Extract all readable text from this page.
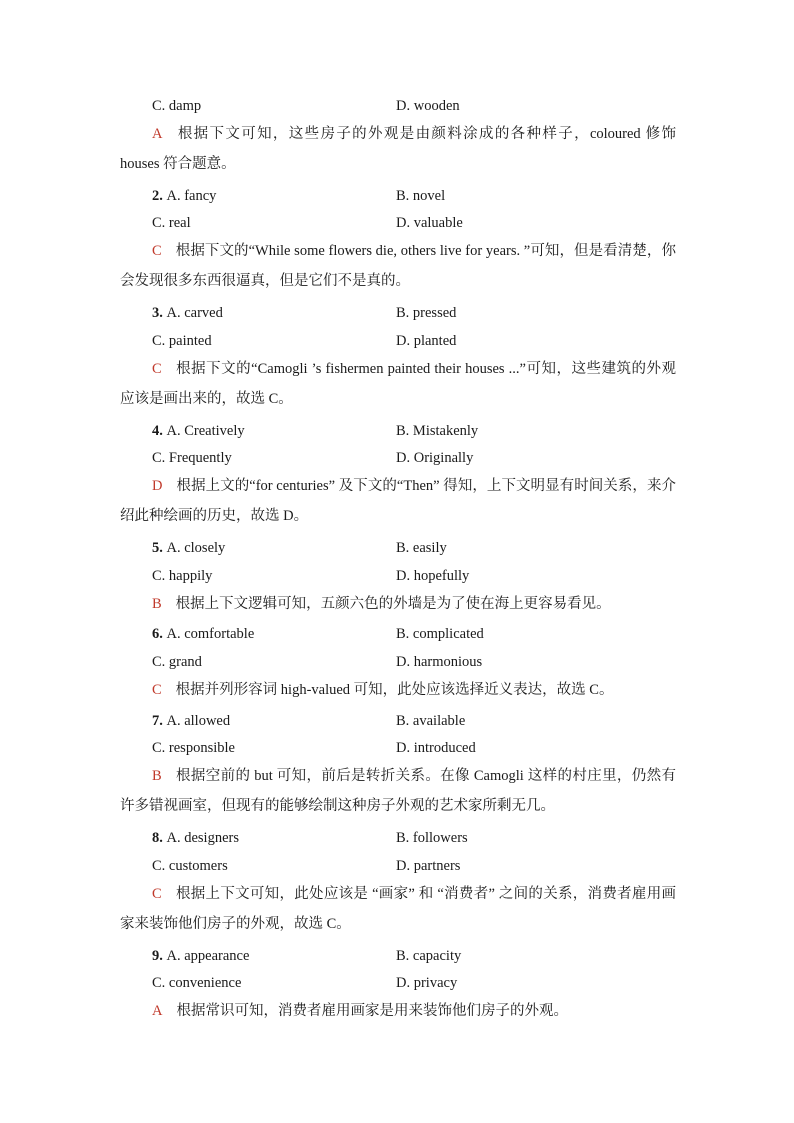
C. damp	D. wooden
A 根据下文可知，这些房子的外观是由颜料涂成的各种样子，coloured 修饰 houses 符合题意。
2. A. fancy	B. novel
C. real	D. valuable
C 根据下文的“While some flowers die, others live for years. ”可知，但是看清楚，你会发现很多东西很逼真，但是它们不是真的。
3. A. carved	B. pressed
C. painted	D. planted
C 根据下文的“Camogli ’s fishermen painted their houses ...”可知，这些建筑的外观应该是画出来的，故选 C。
4. A. Creatively	B. Mistakenly
C. Frequently	D. Originally
D 根据上文的“for centuries” 及下文的“Then” 得知，上下文明显有时间关系，来介绍此种绘画的历史，故选 D。
5. A. closely	B. easily
C. happily	D. hopefully
B 根据上下文逻辑可知，五颜六色的外墙是为了使在海上更容易看见。
6. A. comfortable	B. complicated
C. grand	D. harmonious
C 根据并列形容词 high-valued 可知，此处应该选择近义表达，故选 C。
7. A. allowed	B. available
C. responsible	D. introduced
B 根据空前的 but 可知，前后是转折关系。在像 Camogli 这样的村庄里，仍然有许多错视画室，但现有的能够绘制这种房子外观的艺术家所剩无几。
8. A. designers	B. followers
C. customers	D. partners
C 根据上下文可知，此处应该是 “画家” 和 “消费者” 之间的关系，消费者雇用画家来装饰他们房子的外观，故选 C。
9. A. appearance	B. capacity
C. convenience	D. privacy
A 根据常识可知，消费者雇用画家是用来装饰他们房子的外观。
